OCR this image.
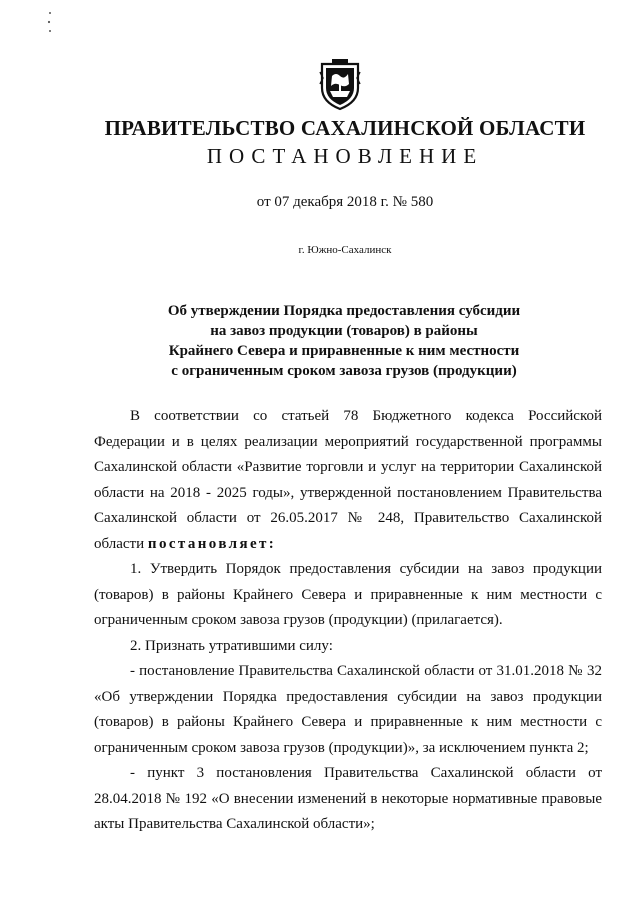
ПРАВИТЕЛЬСТВО САХАЛИНСКОЙ ОБЛАСТИ
ПОСТАНОВЛЕНИЕ
от 07 декабря 2018 г. № 580
г. Южно-Сахалинск
Об утверждении Порядка предоставления субсидии
на завоз продукции (товаров) в районы
Крайнего Севера и приравненные к ним местности
с ограниченным сроком завоза грузов (продукции)

В соответствии со статьей 78 Бюджетного кодекса Российской Федерации и в целях реализации мероприятий государственной программы Сахалинской области «Развитие торговли и услуг на территории Сахалинской области на 2018 - 2025 годы», утвержденной постановлением Правительства Сахалинской области от 26.05.2017 № 248, Правительство Сахалинской области постановляет:

1. Утвердить Порядок предоставления субсидии на завоз продукции (товаров) в районы Крайнего Севера и приравненные к ним местности с ограниченным сроком завоза грузов (продукции) (прилагается).

2. Признать утратившими силу:

- постановление Правительства Сахалинской области от 31.01.2018 № 32 «Об утверждении Порядка предоставления субсидии на завоз продукции (товаров) в районы Крайнего Севера и приравненные к ним местности с ограниченным сроком завоза грузов (продукции)», за исключением пункта 2;

- пункт 3 постановления Правительства Сахалинской области от 28.04.2018 № 192 «О внесении изменений в некоторые нормативные правовые акты Правительства Сахалинской области»;
